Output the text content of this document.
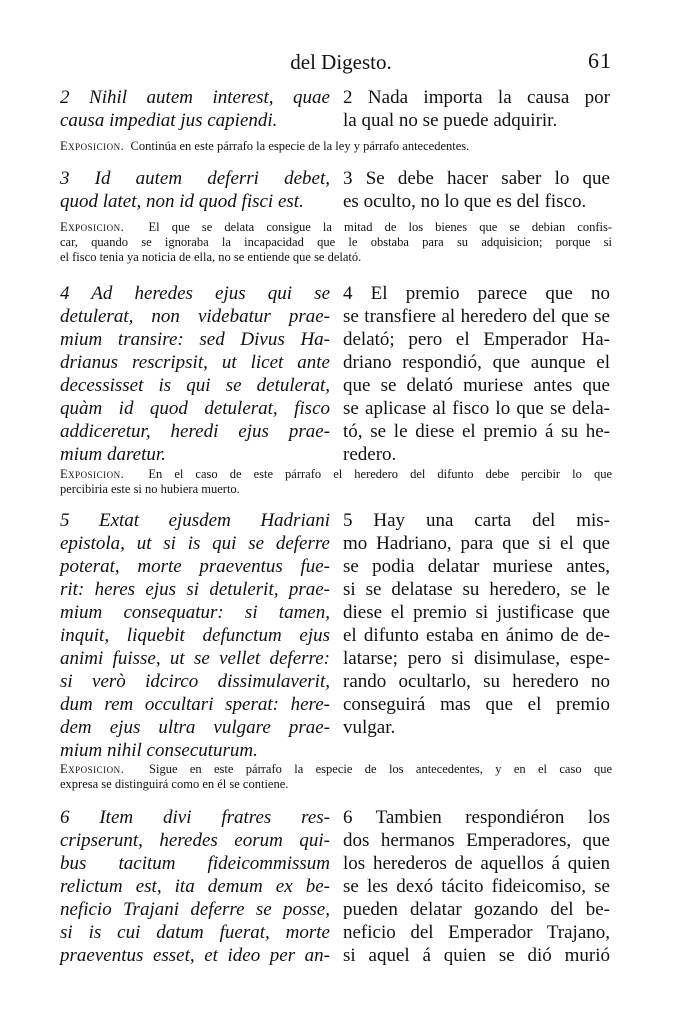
del Digesto.	61
2 Nihil autem interest, quae
causa impediat jus capiendi.
2 Nada importa la causa por
la qual no se puede adquirir.
Exposicion. Continúa en este párrafo la especie de la ley y párrafo antecedentes.
3 Id autem deferri debet,
quod latet, non id quod fisci est.
3 Se debe hacer saber lo que
es oculto, no lo que es del fisco.
Exposicion. El que se delata consigue la mitad de los bienes que se debian confis-
car, quando se ignoraba la incapacidad que le obstaba para su adquisicion; porque si
el fisco tenia ya noticia de ella, no se entiende que se delató.
4 Ad heredes ejus qui se
detulerat, non videbatur prae-
mium transire: sed Divus Ha-
drianus rescripsit, ut licet ante
decessisset is qui se detulerat,
quàm id quod detulerat, fisco
addiceretur, heredi ejus prae-
mium daretur.
4 El premio parece que no
se transfiere al heredero del que se
delató; pero el Emperador Ha-
driano respondió, que aunque el
que se delató muriese antes que
se aplicase al fisco lo que se dela-
tó, se le diese el premio á su he-
redero.
Exposicion. En el caso de este párrafo el heredero del difunto debe percibir lo que
percibiria este si no hubiera muerto.
5 Extat ejusdem Hadriani
epistola, ut si is qui se deferre
poterat, morte praeventus fue-
rit: heres ejus si detulerit, prae-
mium consequatur: si tamen,
inquit, liquebit defunctum ejus
animi fuisse, ut se vellet deferre:
si verò idcirco dissimulaverit,
dum rem occultari sperat: here-
dem ejus ultra vulgare prae-
mium nihil consecuturum.
5 Hay una carta del mis-
mo Hadriano, para que si el que
se podia delatar muriese antes,
si se delatase su heredero, se le
diese el premio si justificase que
el difunto estaba en ánimo de de-
latarse; pero si disimulase, espe-
rando ocultarlo, su heredero no
conseguirá mas que el premio
vulgar.
Exposicion. Sigue en este párrafo la especie de los antecedentes, y en el caso que
expresa se distinguirá como en él se contiene.
6 Item divi fratres res-
cripserunt, heredes eorum qui-
bus tacitum fideicommissum
relictum est, ita demum ex be-
neficio Trajani deferre se posse,
si is cui datum fuerat, morte
praeventus esset, et ideo per an-
6 Tambien respondiéron los
dos hermanos Emperadores, que
los herederos de aquellos á quien
se les dexó tácito fideicomiso, se
pueden delatar gozando del be-
neficio del Emperador Trajano,
si aquel á quien se dió murió
